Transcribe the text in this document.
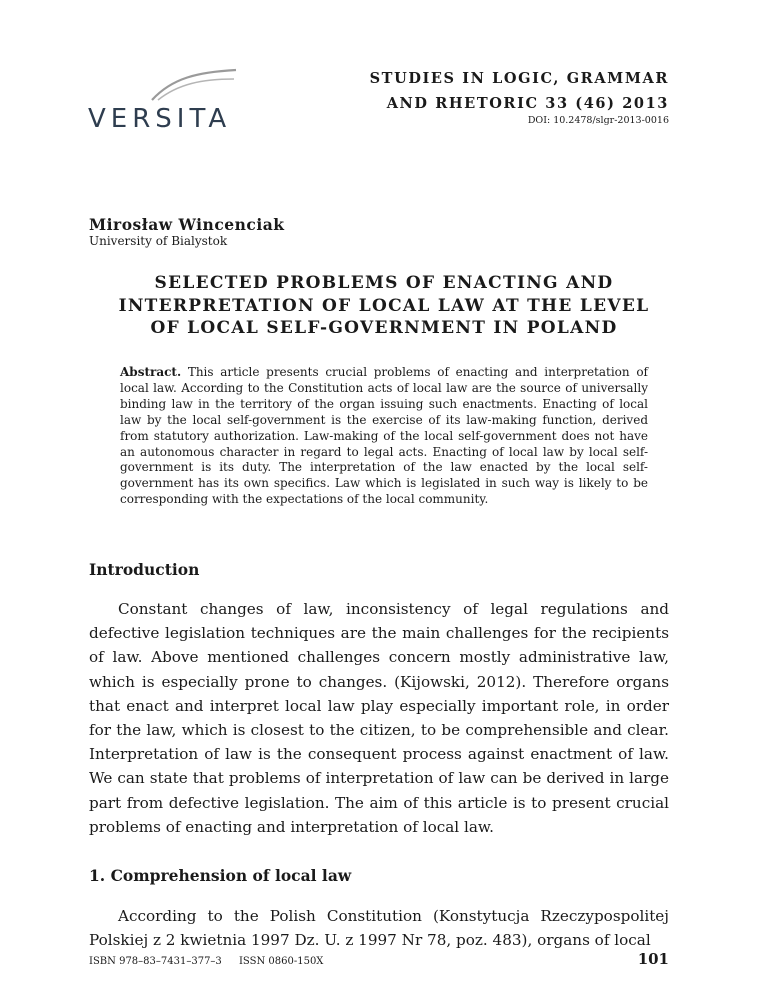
VERSITA
STUDIES IN LOGIC, GRAMMAR
AND RHETORIC 33 (46) 2013
DOI: 10.2478/slgr-2013-0016
Mirosław Wincenciak
University of Bialystok
SELECTED PROBLEMS OF ENACTING AND
INTERPRETATION OF LOCAL LAW AT THE LEVEL
OF LOCAL SELF-GOVERNMENT IN POLAND
Abstract. This article presents crucial problems of enacting and interpretation of local law. According to the Constitution acts of local law are the source of universally binding law in the territory of the organ issuing such enactments. Enacting of local law by the local self-government is the exercise of its law-making function, derived from statutory authorization. Law-making of the local self-government does not have an autonomous character in regard to legal acts. Enacting of local law by local self-government is its duty. The interpretation of the law enacted by the local self-government has its own specifics. Law which is legislated in such way is likely to be corresponding with the expectations of the local community.
Introduction
Constant changes of law, inconsistency of legal regulations and defective legislation techniques are the main challenges for the recipients of law. Above mentioned challenges concern mostly administrative law, which is especially prone to changes. (Kijowski, 2012). Therefore organs that enact and interpret local law play especially important role, in order for the law, which is closest to the citizen, to be comprehensible and clear. Interpretation of law is the consequent process against enactment of law. We can state that problems of interpretation of law can be derived in large part from defective legislation. The aim of this article is to present crucial problems of enacting and interpretation of local law.
1. Comprehension of local law
According to the Polish Constitution (Konstytucja Rzeczypospolitej Polskiej z 2 kwietnia 1997 Dz. U. z 1997 Nr 78, poz. 483), organs of local
ISBN 978–83–7431–377–3 ISSN 0860-150X	101
